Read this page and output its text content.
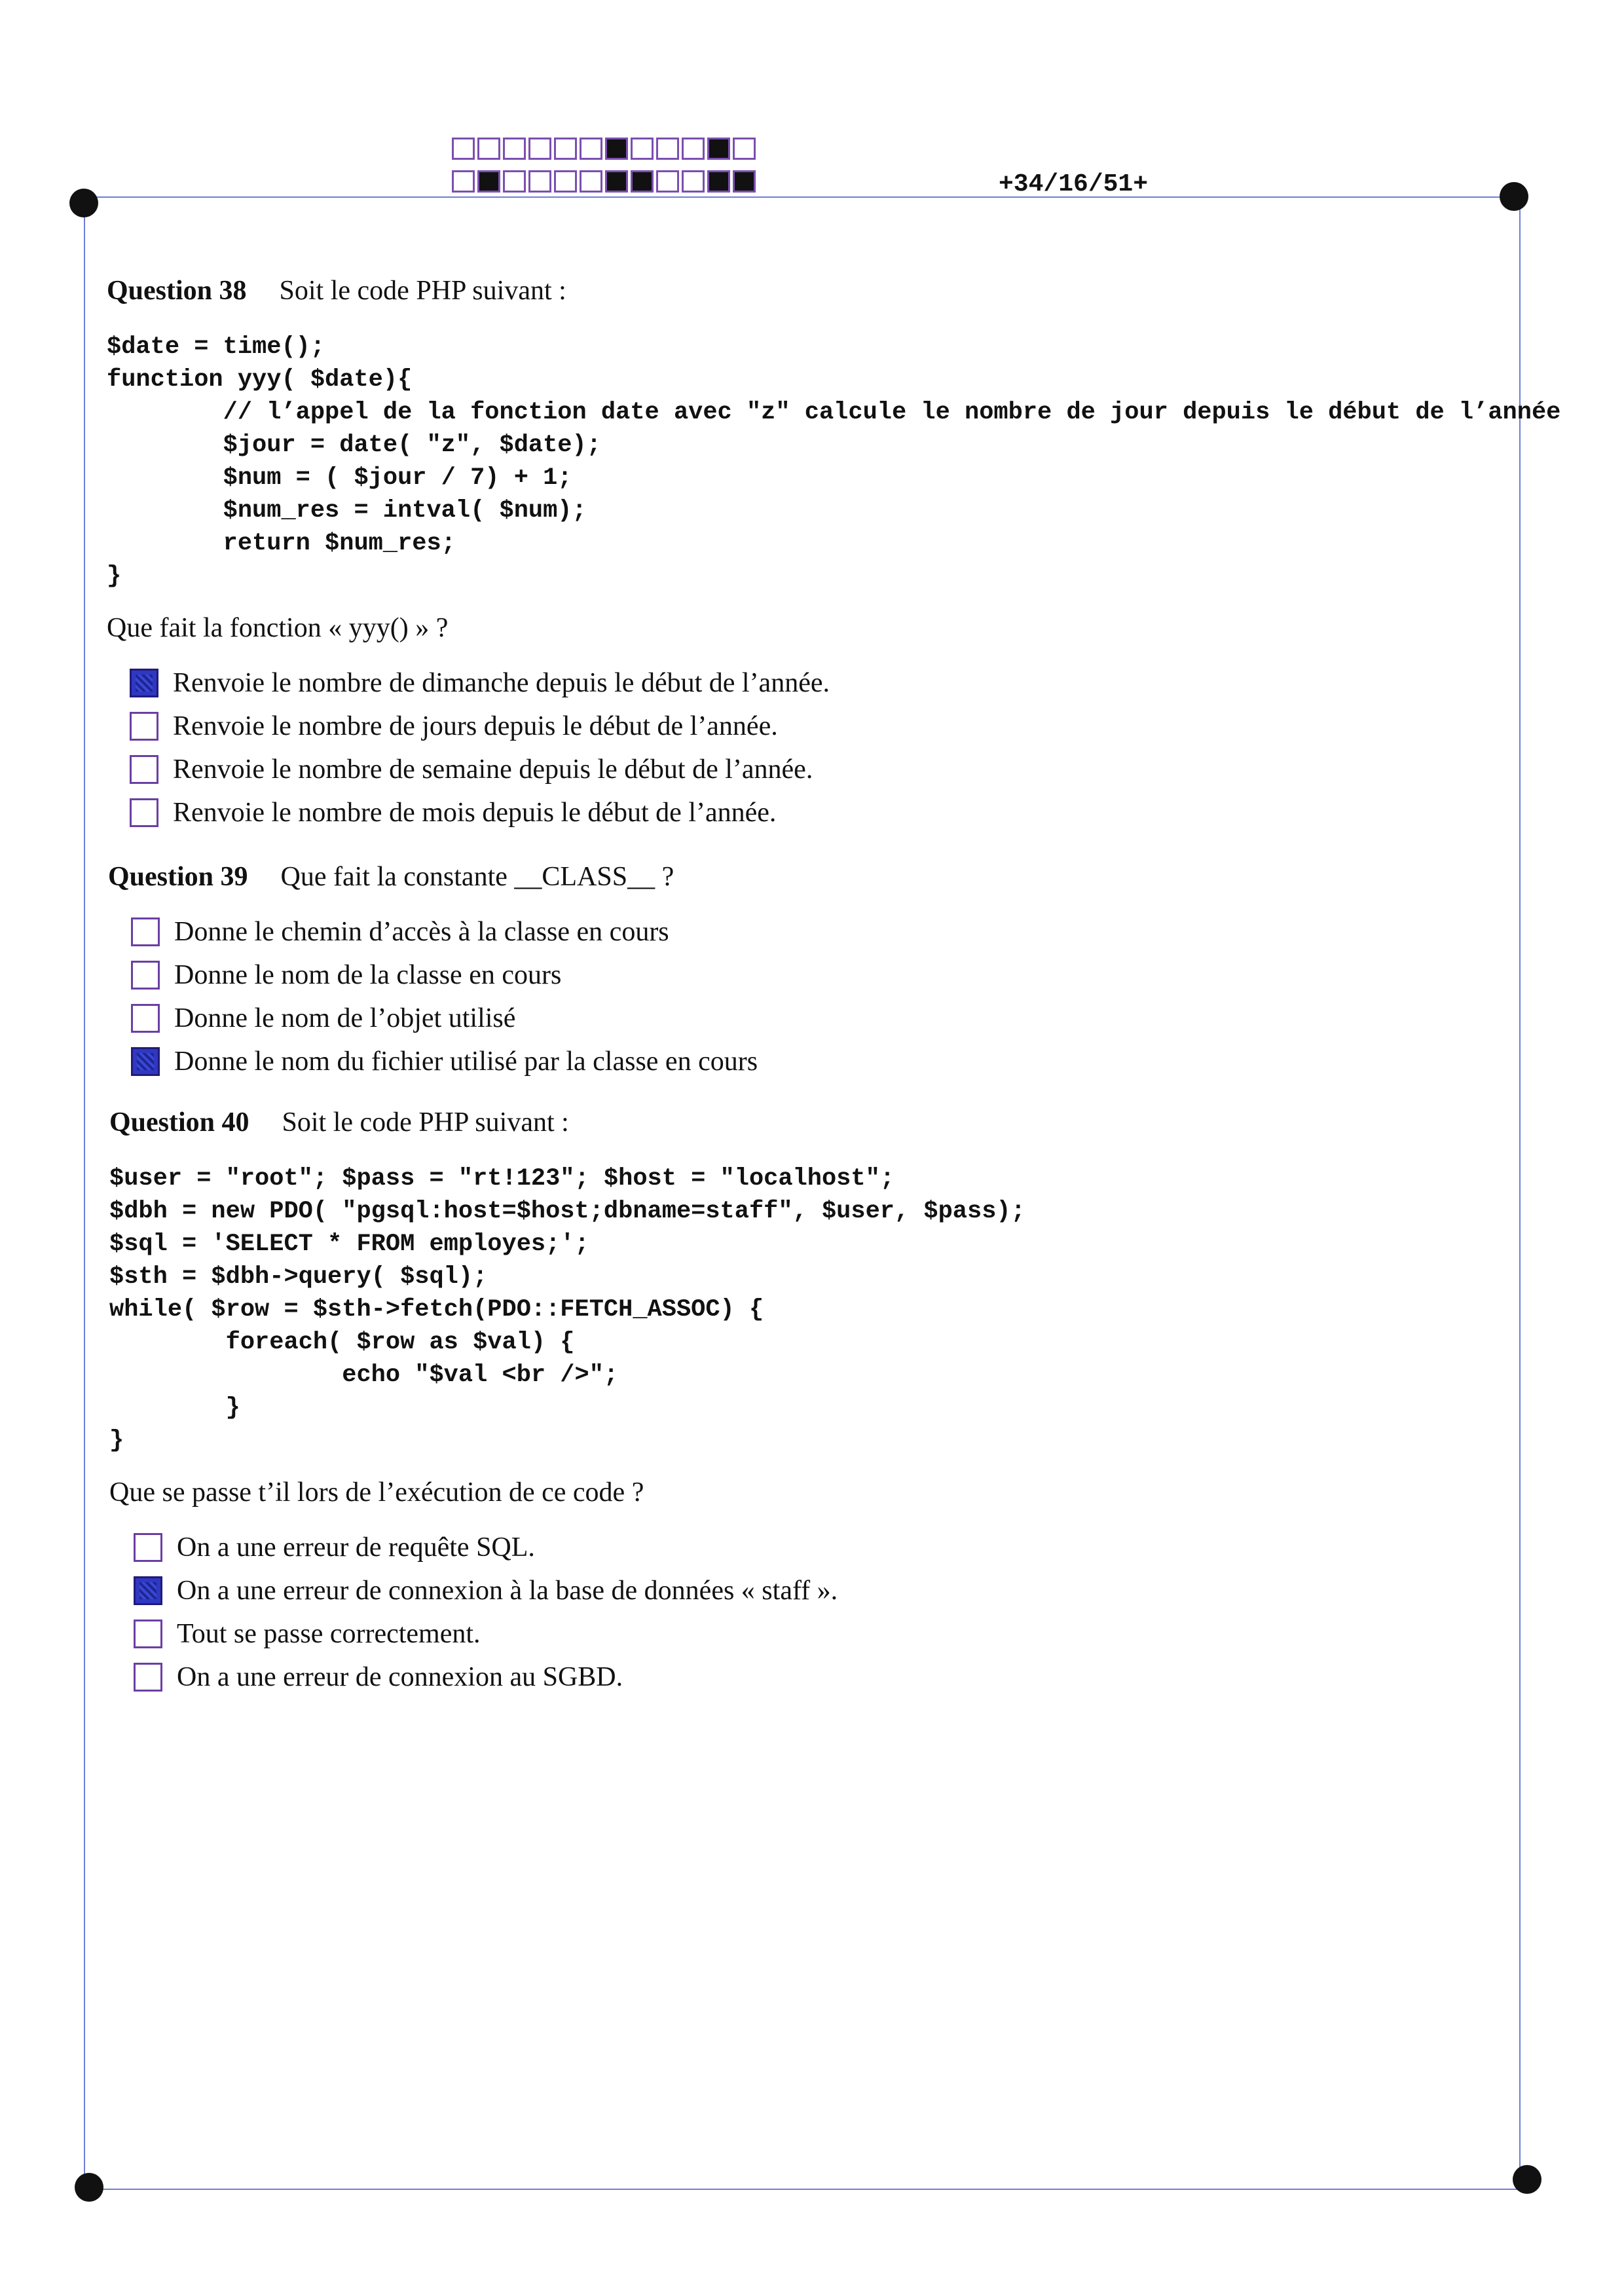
+34/16/51+
Question 38 Soit le code PHP suivant :
$date = time();
function yyy( $date){
// l’appel de la fonction date avec "z" calcule le nombre de jour depuis le début de l’année
$jour = date( "z", $date);
$num = ( $jour / 7) + 1;
$num_res = intval( $num);
return $num_res;
}
Que fait la fonction « yyy() » ?
Renvoie le nombre de dimanche depuis le début de l’année.
Renvoie le nombre de jours depuis le début de l’année.
Renvoie le nombre de semaine depuis le début de l’année.
Renvoie le nombre de mois depuis le début de l’année.
Question 39 Que fait la constante __CLASS__ ?
Donne le chemin d’accès à la classe en cours
Donne le nom de la classe en cours
Donne le nom de l’objet utilisé
Donne le nom du fichier utilisé par la classe en cours
Question 40 Soit le code PHP suivant :
$user = "root"; $pass = "rt!123"; $host = "localhost";
$dbh = new PDO( "pgsql:host=$host;dbname=staff", $user, $pass);
$sql = 'SELECT * FROM employes;';
$sth = $dbh->query( $sql);
while( $row = $sth->fetch(PDO::FETCH_ASSOC) {
foreach( $row as $val) {
echo "$val <br />";
}
}
Que se passe t’il lors de l’exécution de ce code ?
On a une erreur de requête SQL.
On a une erreur de connexion à la base de données « staff ».
Tout se passe correctement.
On a une erreur de connexion au SGBD.
